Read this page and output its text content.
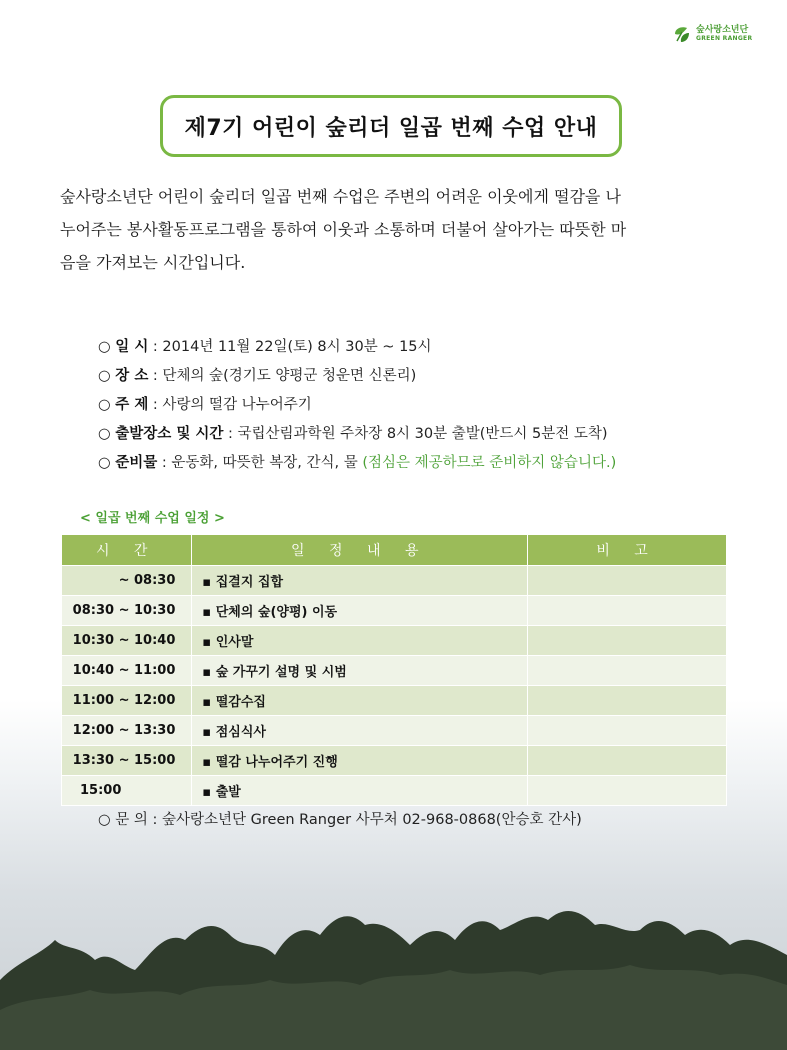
숲사랑소년단
GREEN RANGER
제7기 어린이 숲리더 일곱 번째 수업 안내
숲사랑소년단 어린이 숲리더 일곱 번째 수업은 주변의 어려운 이웃에게 떨감을 나
누어주는 봉사활동프로그램을 통하여 이웃과 소통하며 더불어 살아가는 따뜻한 마
음을 가져보는 시간입니다.
○ 일 시 : 2014년 11월 22일(토) 8시 30분 ~ 15시
○ 장 소 : 단체의 숲(경기도 양평군 청운면 신론리)
○ 주 제 : 사랑의 떨감 나누어주기
○ 출발장소 및 시간 : 국립산림과학원 주차장 8시 30분 출발(반드시 5분전 도착)
○ 준비물 : 운동화, 따뜻한 복장, 간식, 물 (점심은 제공하므로 준비하지 않습니다.)
< 일곱 번째 수업 일정 >
시 간	일 정 내 용	비 고
~ 08:30	▪ 집결지 집합	
08:30 ~ 10:30	▪ 단체의 숲(양평) 이동	
10:30 ~ 10:40	▪ 인사말	
10:40 ~ 11:00	▪ 숲 가꾸기 설명 및 시범	
11:00 ~ 12:00	▪ 떨감수집	
12:00 ~ 13:30	▪ 점심식사	
13:30 ~ 15:00	▪ 떨감 나누어주기 진행	
15:00	▪ 출발	
○ 문 의 : 숲사랑소년단 Green Ranger 사무처 02-968-0868(안승호 간사)
